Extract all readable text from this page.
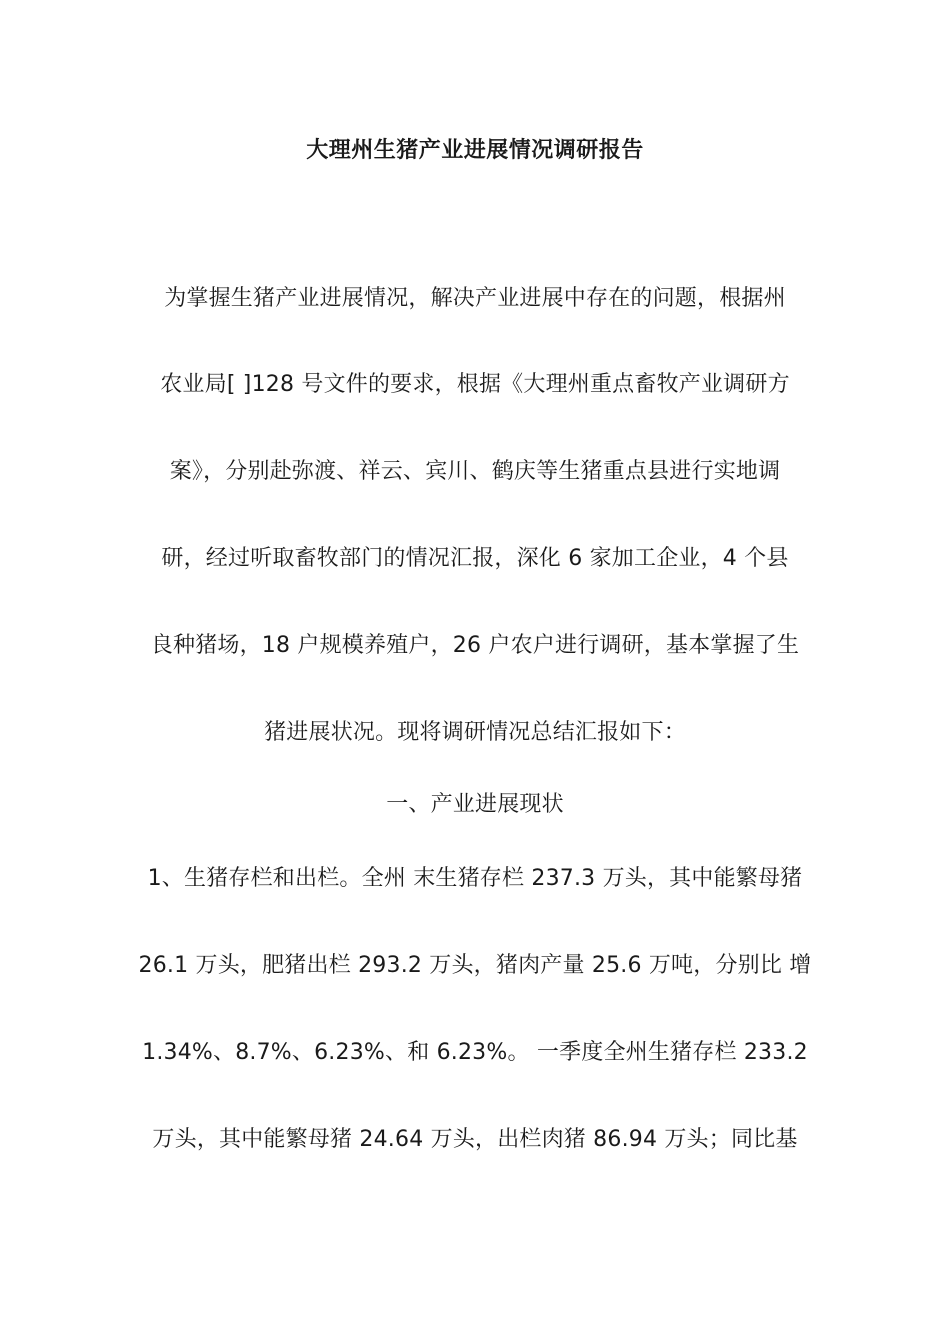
大理州生猪产业进展情况调研报告
为掌握生猪产业进展情况，解决产业进展中存在的问题，根据州
农业局[ ]128 号文件的要求，根据《大理州重点畜牧产业调研方
案》，分别赴弥渡、祥云、宾川、鹤庆等生猪重点县进行实地调
研，经过听取畜牧部门的情况汇报，深化 6 家加工企业，4 个县
良种猪场，18 户规模养殖户，26 户农户进行调研，基本掌握了生
猪进展状况。现将调研情况总结汇报如下：
一、产业进展现状
1、生猪存栏和出栏。全州 末生猪存栏 237.3 万头，其中能繁母猪
26.1 万头，肥猪出栏 293.2 万头，猪肉产量 25.6 万吨，分别比 增
1.34%、8.7%、6.23%、和 6.23%。 一季度全州生猪存栏 233.2
万头，其中能繁母猪 24.64 万头，出栏肉猪 86.94 万头；同比基
